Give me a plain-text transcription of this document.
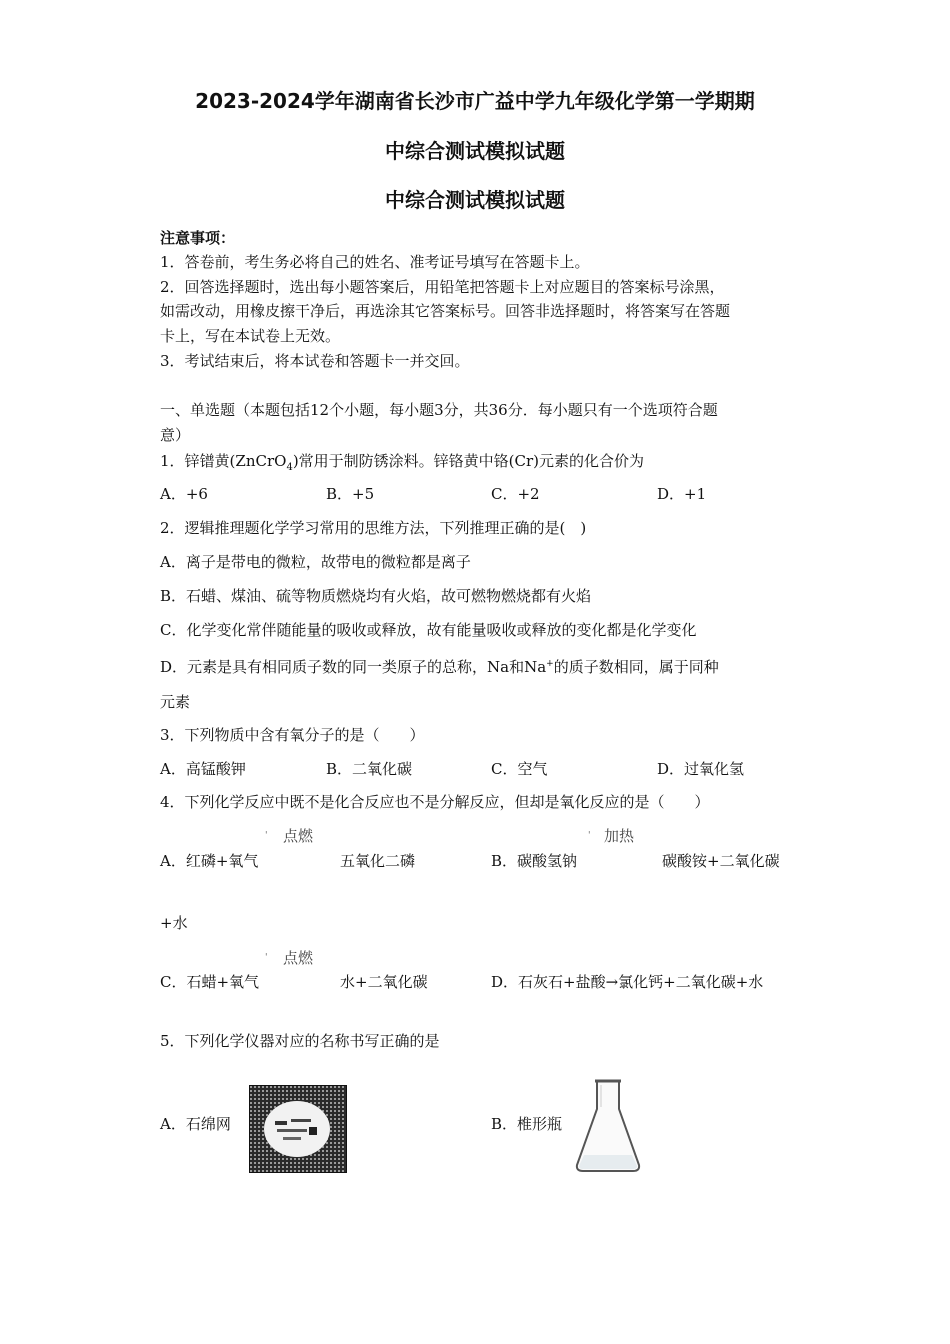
2023-2024学年湖南省长沙市广益中学九年级化学第一学期期
中综合测试模拟试题
中综合测试模拟试题
注意事项：
1．答卷前，考生务必将自己的姓名、准考证号填写在答题卡上。
2．回答选择题时，选出每小题答案后，用铅笔把答题卡上对应题目的答案标号涂黑，
如需改动，用橡皮擦干净后，再选涂其它答案标号。回答非选择题时，将答案写在答题
卡上，写在本试卷上无效。
3．考试结束后，将本试卷和答题卡一并交回。
一、单选题（本题包括12个小题，每小题3分，共36分．每小题只有一个选项符合题
意）
1．锌镨黄(ZnCrO$_4$)常用于制防锈涂料。锌铬黄中铬(Cr)元素的化合价为
A．+6	B．+5	C．+2	D．+1
2．逻辑推理题化学学习常用的思维方法，下列推理正确的是(　)
A．离子是带电的微粒，故带电的微粒都是离子
B．石蜡、煤油、硫等物质燃烧均有火焰，故可燃物燃烧都有火焰
C．化学变化常伴随能量的吸收或释放，故有能量吸收或释放的变化都是化学变化
D．元素是具有相同质子数的同一类原子的总称，Na和Na+的质子数相同，属于同种
元素
3．下列物质中含有氧分子的是（　　）
A．高锰酸钾	B．二氧化碳	C．空气	D．过氧化氢
4．下列化学反应中既不是化合反应也不是分解反应，但却是氧化反应的是（　　）
' 点燃
A．红磷+氧气	五氧化二磷
' 加热
B．碳酸氢钠	碳酸铵+二氧化碳
+水
' 点燃
C．石蜡+氧气	水+二氧化碳	D．石灰石+盐酸→氯化钙+二氧化碳+水
5．下列化学仪器对应的名称书写正确的是
A．石绵网	B．椎形瓶
